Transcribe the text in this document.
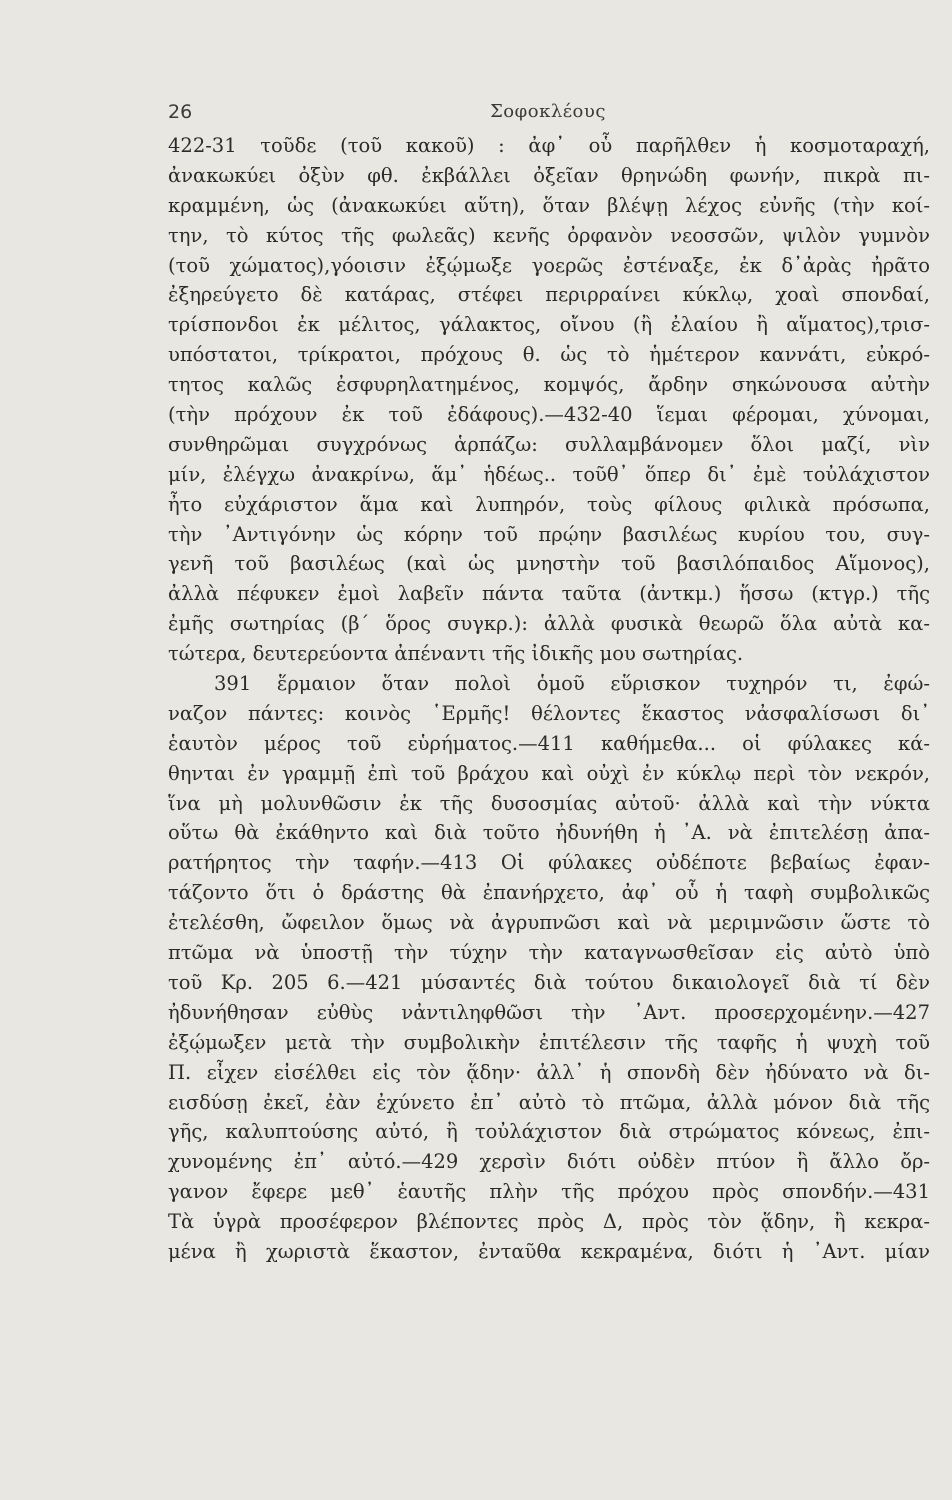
26	Σοφοκλέους
422-31 τοῦδε (τοῦ κακοῦ) : ἀφ᾽ οὗ παρῆλθεν ἡ κοσμοταραχή,
ἀνακωκύει ὀξὺν φθ. ἐκβάλλει ὀξεῖαν θρηνώδη φωνήν, πικρὰ πι-
κραμμένη, ὡς (ἀνακωκύει αὕτη), ὅταν βλέψῃ λέχος εὐνῆς (τὴν κοί-
την, τὸ κύτος τῆς φωλεᾶς) κενῆς ὀρφανὸν νεοσσῶν, ψιλὸν γυμνὸν
(τοῦ χώματος),γόοισιν ἐξῴμωξε γοερῶς ἐστέναξε, ἐκ δ᾽ἀρὰς ἠρᾶτο
ἐξηρεύγετο δὲ κατάρας, στέφει περιρραίνει κύκλῳ, χοαὶ σπονδαί,
τρίσπονδοι ἐκ μέλιτος, γάλακτος, οἴνου (ἢ ἐλαίου ἢ αἵματος),τρισ-
υπόστατοι, τρίκρατοι, πρόχους θ. ὡς τὸ ἡμέτερον καννάτι, εὐκρό-
τητος καλῶς ἐσφυρηλατημένος, κομψός, ἄρδην σηκώνουσα αὐτὴν
(τὴν πρόχουν ἐκ τοῦ ἐδάφους).—432-40 ἵεμαι φέρομαι, χύνομαι,
συνθηρῶμαι συγχρόνως ἁρπάζω: συλλαμβάνομεν ὅλοι μαζί, νὶν
μίν, ἐλέγχω ἀνακρίνω, ἅμ᾽ ἡδέως.. τοῦθ᾽ ὅπερ δι᾽ ἐμὲ τοὐλάχιστον
ἦτο εὐχάριστον ἅμα καὶ λυπηρόν, τοὺς φίλους φιλικὰ πρόσωπα,
τὴν ᾽Αντιγόνην ὡς κόρην τοῦ πρῴην βασιλέως κυρίου του, συγ-
γενῆ τοῦ βασιλέως (καὶ ὡς μνηστὴν τοῦ βασιλόπαιδος Αἵμονος),
ἀλλὰ πέφυκεν ἐμοὶ λαβεῖν πάντα ταῦτα (ἀντκμ.) ἥσσω (κτγρ.) τῆς
ἐμῆς σωτηρίας (β΄ ὅρος συγκρ.): ἀλλὰ φυσικὰ θεωρῶ ὅλα αὐτὰ κα-
τώτερα, δευτερεύοντα ἀπέναντι τῆς ἰδικῆς μου σωτηρίας.
391 ἕρμαιον ὅταν πολοὶ ὁμοῦ εὕρισκον τυχηρόν τι, ἐφώ-
ναζον πάντες: κοινὸς ῾Ερμῆς! θέλοντες ἕκαστος νἀσφαλίσωσι δι᾽
ἑαυτὸν μέρος τοῦ εὑρήματος.—411 καθήμεθα... οἱ φύλακες κά-
θηνται ἐν γραμμῇ ἐπὶ τοῦ βράχου καὶ οὐχὶ ἐν κύκλῳ περὶ τὸν νεκρόν,
ἵνα μὴ μολυνθῶσιν ἐκ τῆς δυσοσμίας αὐτοῦ· ἀλλὰ καὶ τὴν νύκτα
οὕτω θὰ ἐκάθηντο καὶ διὰ τοῦτο ἠδυνήθη ἡ ᾽Α. νὰ ἐπιτελέσῃ ἀπα-
ρατήρητος τὴν ταφήν.—413 Οἱ φύλακες οὐδέποτε βεβαίως ἐφαν-
τάζοντο ὅτι ὁ δράστης θὰ ἐπανήρχετο, ἀφ᾽ οὗ ἡ ταφὴ συμβολικῶς
ἐτελέσθη, ὤφειλον ὅμως νὰ ἀγρυπνῶσι καὶ νὰ μεριμνῶσιν ὥστε τὸ
πτῶμα νὰ ὑποστῇ τὴν τύχην τὴν καταγνωσθεῖσαν εἰς αὐτὸ ὑπὸ
τοῦ Κρ. 205 6.—421 μύσαντές διὰ τούτου δικαιολογεῖ διὰ τί δὲν
ἠδυνήθησαν εὐθὺς νἀντιληφθῶσι τὴν ᾽Αντ. προσερχομένην.—427
ἐξῴμωξεν μετὰ τὴν συμβολικὴν ἐπιτέλεσιν τῆς ταφῆς ἡ ψυχὴ τοῦ
Π. εἶχεν εἰσέλθει εἰς τὸν ᾅδην· ἀλλ᾽ ἡ σπονδὴ δὲν ἠδύνατο νὰ δι-
εισδύσῃ ἐκεῖ, ἐὰν ἐχύνετο ἐπ᾽ αὐτὸ τὸ πτῶμα, ἀλλὰ μόνον διὰ τῆς
γῆς, καλυπτούσης αὐτό, ἢ τοὐλάχιστον διὰ στρώματος κόνεως, ἐπι-
χυνομένης ἐπ᾽ αὐτό.—429 χερσὶν διότι οὐδὲν πτύον ἢ ἄλλο ὄρ-
γανον ἔφερε μεθ᾽ ἑαυτῆς πλὴν τῆς πρόχου πρὸς σπονδήν.—431
Τὰ ὑγρὰ προσέφερον βλέποντες πρὸς Δ, πρὸς τὸν ᾅδην, ἢ κεκρα-
μένα ἢ χωριστὰ ἕκαστον, ἐνταῦθα κεκραμένα, διότι ἡ ᾽Αντ. μίαν
